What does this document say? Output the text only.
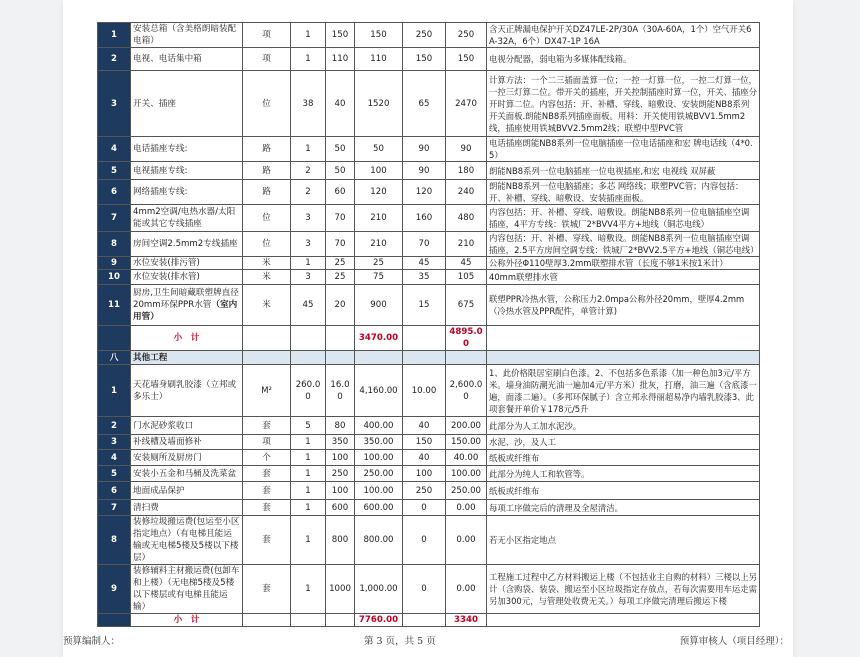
1	安装总箱（含美格朗暗装配电箱）	项	1	150	150	250	250	含天正牌漏电保护开关DZ47LE-2P/30A（30A-60A，1个）空气开关6A-32A，6个）DX47-1P 16A
2	电视、电话集中箱	项	1	110	110	150	150	电视分配器，弱电箱为多媒体配线箱。
3	开关、插座	位	38	40	1520	65	2470	计算方法：一个二三插面盖算一位；一控一灯算一位，一控二灯算一位，一控三灯算二位。带开关的插座，开关控制插座时算一位，开关、插座分开时算二位。内容包括：开、补槽、穿线、暗敷设、安装朗能NB8系列开关面板.朗能NB8系列插座面板。用料：开关使用铁城BVV1.5mm2线，插座使用铁城BVV2.5mm2线；联塑中型PVC管
4	电话插座专线:	路	1	50	50	90	90	电话插座朗能NB8系列一位电脑插座一位电话插座和宏 牌电话线（4*0.5）
5	电视插座专线:	路	2	50	100	90	180	朗能NB8系列一位电脑插座一位电视插座,和宏 电视线 双屏蔽
6	网络插座专线:	路	2	60	120	120	240	朗能NB8系列一位电脑插座；多芯 网络线；联塑PVC管；内容包括：开、补槽、穿线、暗敷设、安装插座面板。
7	4mm2空调/电热水器/太阳能或其它专线插座	位	3	70	210	160	480	内容包括：开、补槽、穿线、暗敷设。朗能NB8系列一位电脑插座空调插座，4平方专线：铁城厂2*BVV4平方+地线（铜芯电线）
8	房间空调2.5mm2专线插座	位	3	70	210	70	210	内容包括：开、补槽、穿线、暗敷设。朗能NB8系列一位电脑插座空调插座，2.5平方房间空调专线：铁城厂2*BVV2.5平方+地线（铜芯电线）
9	水位安装(排污管)	米	1	25	25	45	45	公称外径Φ110壁厚3.2mm联塑排水管（长度不够1米按1米计）
10	水位安装(排水管)	米	3	25	75	35	105	40mm联塑排水管
11	厨房,卫生间暗藏联塑牌直径20mm环保PPR水管（室内用管）	米	45	20	900	15	675	联塑PPR冷热水管，公称压力2.0mpa公称外径20mm，壁厚4.2mm（冷热水管及PPR配件，单管计算)
	小　计				3470.00		4895.00	
八	其他工程							
1	天花墙身刷乳胶漆（立邦或多乐士）	M²	260.00	16.00	4,160.00	10.00	2,600.00	1、此价格限居室刷白色漆。2、不包括多色系漆（加一种色加3元/平方米。墙身油防潮光油一遍加4元/平方米）批灰，打磨，油三遍（含底漆一遍，面漆二遍）。（多邦环保腻子）含立邦永得丽超易净内墙乳胶漆3、此项套餐开单价￥178元/5升
2	门水泥砂浆收口	套	5	80	400.00	40	200.00	此部分为人工加水泥沙。
3	补线槽及墙面修补	项	1	350	350.00	150	150.00	水泥、沙，及人工
4	安装厕所及厨房门	个	1	100	100.00	40	40.00	纸板或纤维布
5	安装小五金和马桶及洗菜盆	套	1	250	250.00	100	100.00	此部分为纯人工和软管等。
6	地面成品保护	套	1	100	100.00	250	250.00	纸板或纤维布
7	清扫费	套	1	600	600.00	0	0.00	每项工序做完后的清理及全屋清洁。
8	装修垃圾搬运费(包运至小区指定地点）（有电梯且能运输或无电梯5楼及5楼以下楼层）	套	1	800	800.00	0	0.00	若无小区指定地点
9	装修辅料主材搬运费(包卸车和上楼）（无电梯5楼及5楼以下楼层或有电梯且能运输）	套	1	1000	1,000.00	0	0.00	工程施工过程中乙方材料搬运上楼（不包括业主自购的材料）三楼以上另计（含购袋、装袋、搬运至小区垃圾指定存放点，若每次需要用车运走需另加300元，与管理处收费无关。）每项工序做完清理后搬运下楼
	小　计				7760.00		3340	
预算编制人：	第 3 页，共 5 页	预算审核人（项目经理）：
